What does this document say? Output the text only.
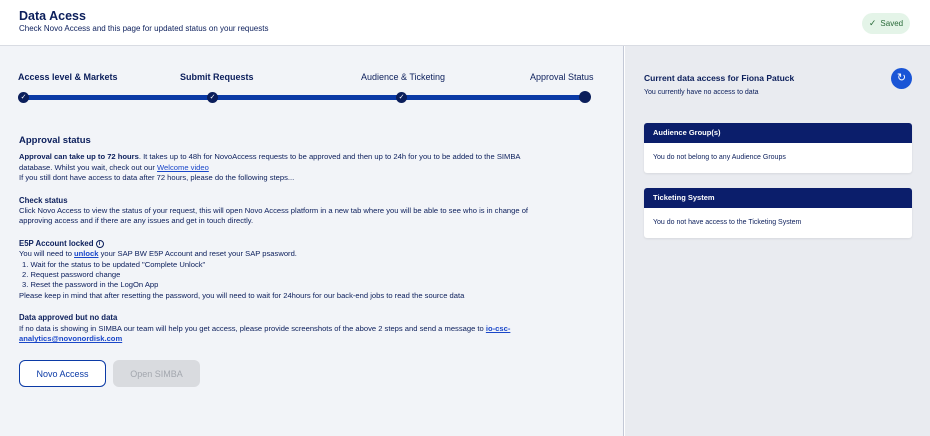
Data Acess
Check Novo Access and this page for updated status on your requests
✓ Saved
Access level & Markets	Submit Requests	Audience & Ticketing	Approval Status
✓	✓	✓
Approval status
Approval can take up to 72 hours. It takes up to 48h for NovoAccess requests to be approved and then up to 24h for you to be added to the SIMBA database. Whilst you wait, check out our Welcome video
If you still dont have access to data after 72 hours, please do the following steps...
Check status
Click Novo Access to view the status of your request, this will open Novo Access platform in a new tab where you will be able to see who is in change of approving access and if there are any issues and get in touch directly.
E5P Account locked i
You will need to unlock your SAP BW E5P Account and reset your SAP psasword.
1. Wait for the status to be updated "Complete Unlock"
2. Request password change
3. Reset the password in the LogOn App
Please keep in mind that after resetting the password, you will need to wait for 24hours for our back-end jobs to read the source data
Data approved but no data
If no data is showing in SIMBA our team will help you get access, please provide screenshots of the above 2 steps and send a message to io-csc-analytics@novonordisk.com
Novo Access	Open SIMBA
Current data access for Fiona Patuck
You currently have no access to data
↻
Audience Group(s)
You do not belong to any Audience Groups
Ticketing System
You do not have access to the Ticketing System
